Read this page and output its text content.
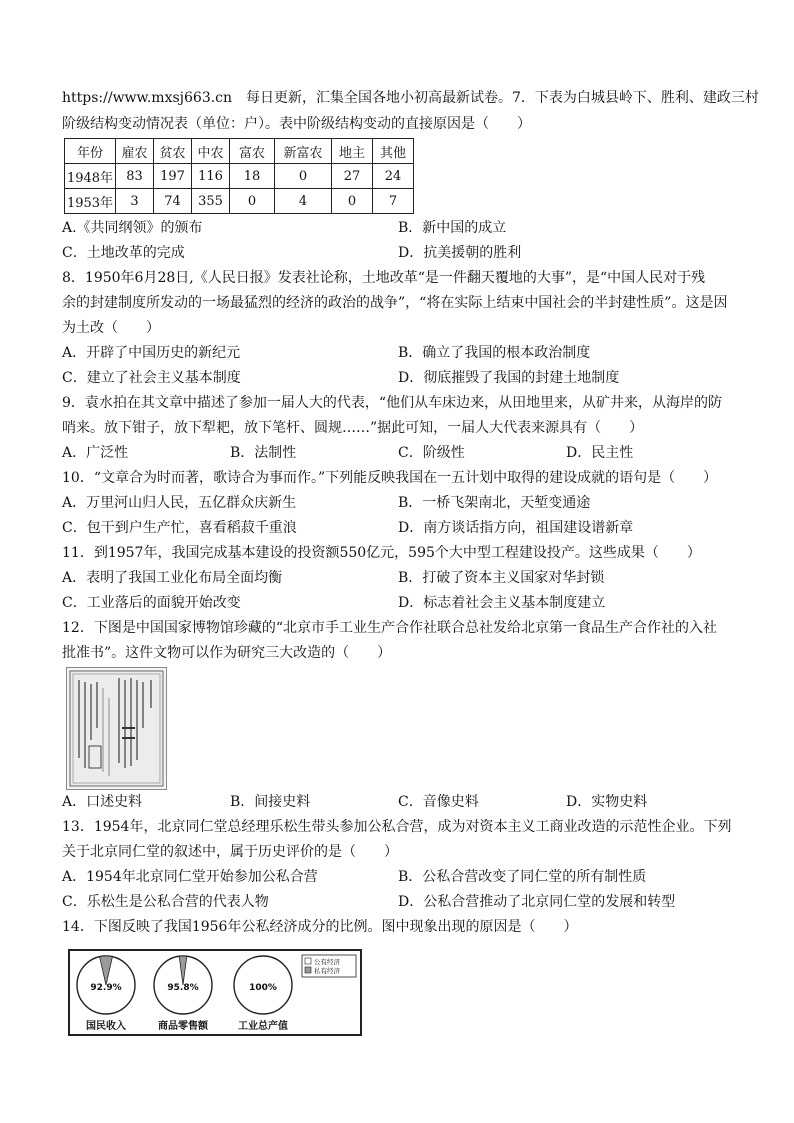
https://www.mxsj663.cn　每日更新，汇集全国各地小初高最新试卷。7．下表为白城县岭下、胜利、建政三村
阶级结构变动情况表（单位：户）。表中阶级结构变动的直接原因是（　　）
年份	雇农	贫农	中农	富农	新富农	地主	其他
1948年	83	197	116	18	0	27	24
1953年	3	74	355	0	4	0	7
A.《共同纲领》的颁布	B．新中国的成立
C．土地改革的完成	D．抗美援朝的胜利
8．1950年6月28日,《人民日报》发表社论称，土地改革“是一件翻天覆地的大事”，是“中国人民对于残
余的封建制度所发动的一场最猛烈的经济的政治的战争”，“将在实际上结束中国社会的半封建性质”。这是因
为土改（　　）
A．开辟了中国历史的新纪元	B．确立了我国的根本政治制度
C．建立了社会主义基本制度	D．彻底摧毁了我国的封建土地制度
9．袁水拍在其文章中描述了参加一届人大的代表，“他们从车床边来，从田地里来，从矿井来，从海岸的防
哨来。放下钳子，放下犁耙，放下笔杆、圆规……”据此可知，一届人大代表来源具有（　　）
A．广泛性	B．法制性	C．阶级性	D．民主性
10．“文章合为时而著，歌诗合为事而作。”下列能反映我国在一五计划中取得的建设成就的语句是（　　）
A．万里河山归人民，五亿群众庆新生	B．一桥飞架南北，天堑变通途
C．包干到户生产忙，喜看稻菽千重浪	D．南方谈话指方向，祖国建设谱新章
11．到1957年，我国完成基本建设的投资额550亿元，595个大中型工程建设投产。这些成果（　　）
A．表明了我国工业化布局全面均衡	B．打破了资本主义国家对华封锁
C．工业落后的面貌开始改变	D．标志着社会主义基本制度建立
12．下图是中国国家博物馆珍藏的“北京市手工业生产合作社联合总社发给北京第一食品生产合作社的入社
批准书”。这件文物可以作为研究三大改造的（　　）
A．口述史料	B．间接史料	C．音像史料	D．实物史料
13．1954年，北京同仁堂总经理乐松生带头参加公私合营，成为对资本主义工商业改造的示范性企业。下列
关于北京同仁堂的叙述中，属于历史评价的是（　　）
A．1954年北京同仁堂开始参加公私合营	B．公私合营改变了同仁堂的所有制性质
C．乐松生是公私合营的代表人物	D．公私合营推动了北京同仁堂的发展和转型
14．下图反映了我国1956年公私经济成分的比例。图中现象出现的原因是（　　）
92.9%
国民收入
95.8%
商品零售额
100%
工业总产值
公有经济
私有经济
